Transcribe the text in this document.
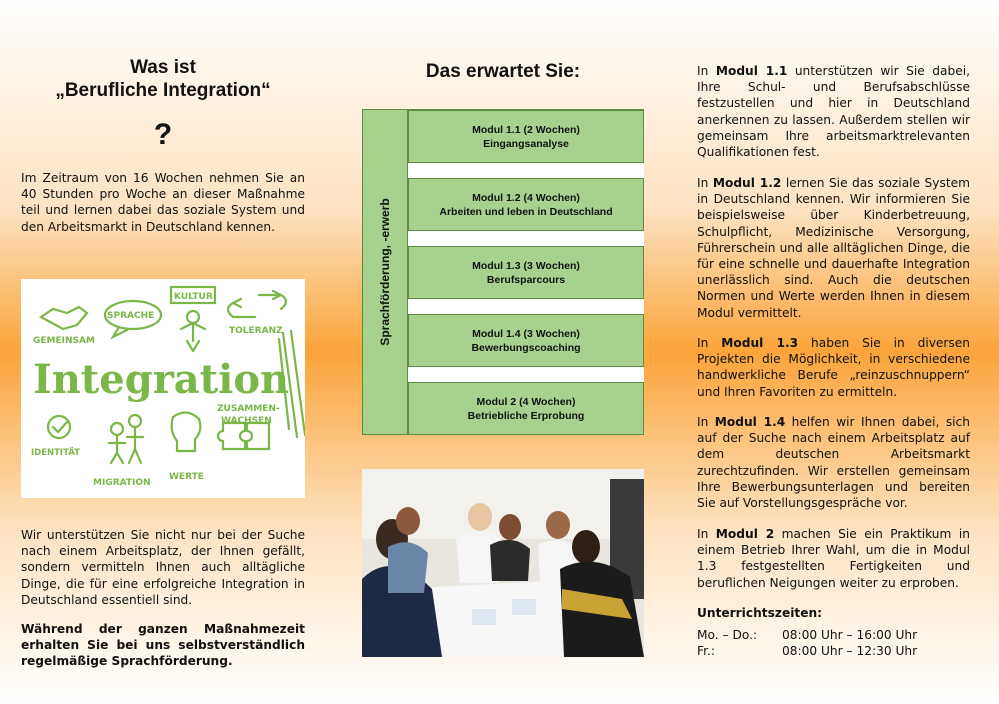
Was ist
„Berufliche Integration“
?

Im Zeitraum von 16 Wochen nehmen Sie an 40 Stunden pro Woche an dieser Maßnahme teil und lernen dabei das soziale System und den Arbeitsmarkt in Deutschland kennen.

GEMEINSAM
SPRACHE
KULTUR
TOLERANZ
Integration
IDENTITÄT
MIGRATION
WERTE
ZUSAMMEN-
WACHSEN

Wir unterstützen Sie nicht nur bei der Suche nach einem Arbeitsplatz, der Ihnen gefällt, sondern vermitteln Ihnen auch alltägliche Dinge, die für eine erfolgreiche Integration in Deutschland essentiell sind.

Während der ganzen Maßnahmezeit erhalten Sie bei uns selbstverständlich regelmäßige Sprachförderung.

Das erwartet Sie:
Sprachförderung, -erwerb
Modul 1.1 (2 Wochen)
Eingangsanalyse
Modul 1.2 (4 Wochen)
Arbeiten und leben in Deutschland
Modul 1.3 (3 Wochen)
Berufsparcours
Modul 1.4 (3 Wochen)
Bewerbungscoaching
Modul 2 (4 Wochen)
Betriebliche Erprobung

In Modul 1.1 unterstützen wir Sie dabei, Ihre Schul- und Berufsabschlüsse festzustellen und hier in Deutschland anerkennen zu lassen. Außerdem stellen wir gemeinsam Ihre arbeitsmarktrelevanten Qualifikationen fest.

In Modul 1.2 lernen Sie das soziale System in Deutschland kennen. Wir informieren Sie beispielsweise über Kinderbetreuung, Schulpflicht, Medizinische Versorgung, Führerschein und alle alltäglichen Dinge, die für eine schnelle und dauerhafte Integration unerlässlich sind. Auch die deutschen Normen und Werte werden Ihnen in diesem Modul vermittelt.

In Modul 1.3 haben Sie in diversen Projekten die Möglichkeit, in verschiedene handwerkliche Berufe „reinzuschnuppern“ und Ihren Favoriten zu ermitteln.

In Modul 1.4 helfen wir Ihnen dabei, sich auf der Suche nach einem Arbeitsplatz auf dem deutschen Arbeitsmarkt zurechtzufinden. Wir erstellen gemeinsam Ihre Bewerbungsunterlagen und bereiten Sie auf Vorstellungsgespräche vor.

In Modul 2 machen Sie ein Praktikum in einem Betrieb Ihrer Wahl, um die in Modul 1.3 festgestellten Fertigkeiten und beruflichen Neigungen weiter zu erproben.

Unterrichtszeiten:
Mo. – Do.: 08:00 Uhr – 16:00 Uhr
Fr.:	08:00 Uhr – 12:30 Uhr
